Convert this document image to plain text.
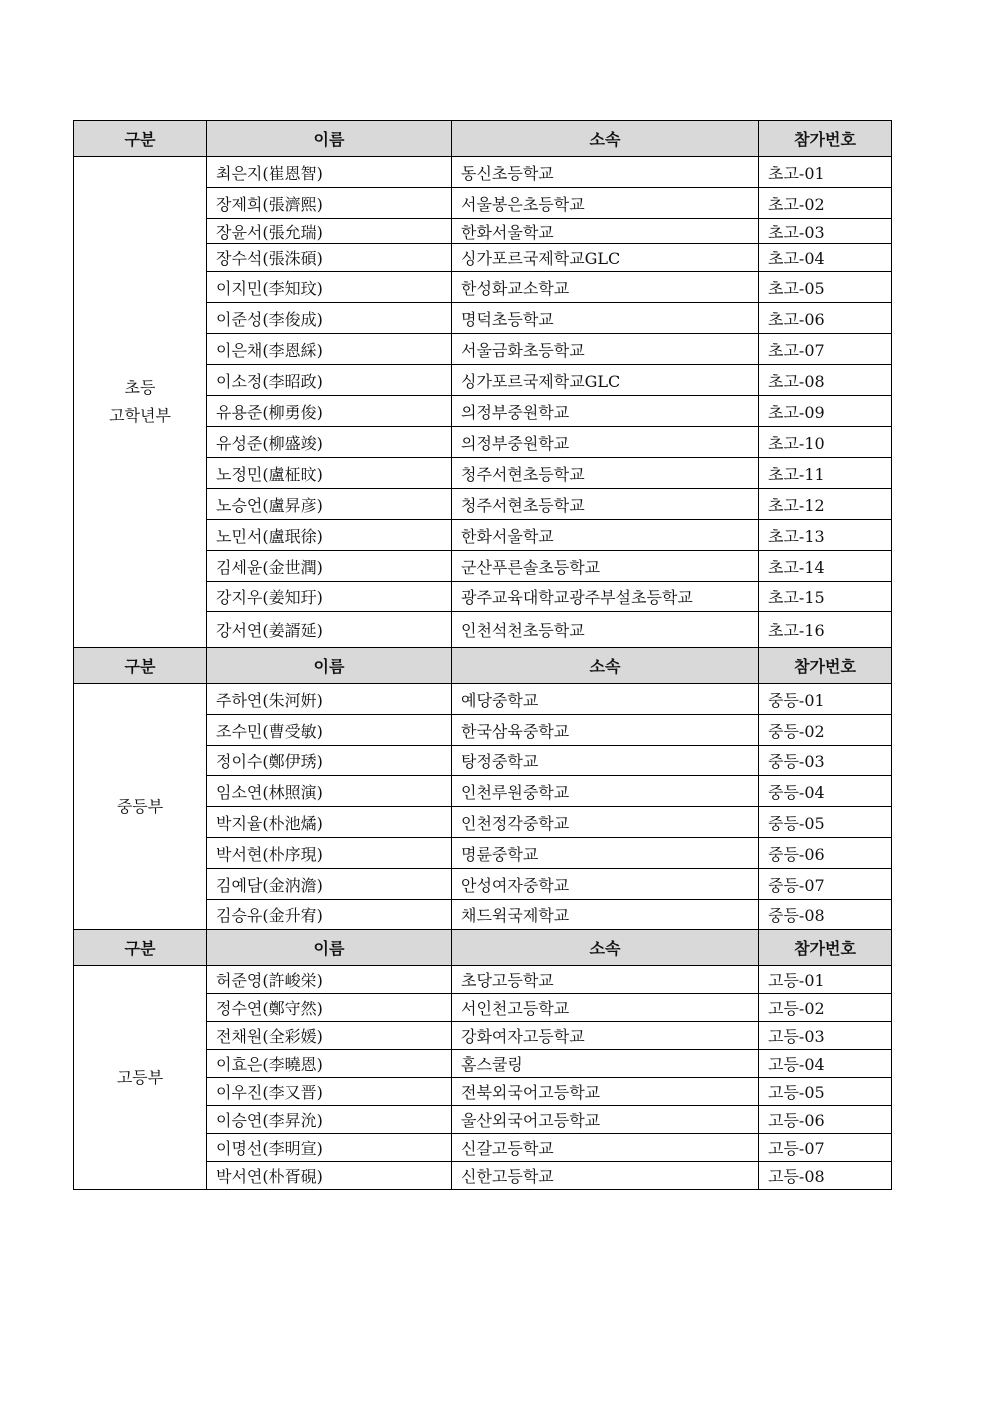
구분	이름	소속	참가번호

초등
고학년부	최은지(崔恩智)	동신초등학교	초고-01
	장제희(張濟熙)	서울봉은초등학교	초고-02
	장윤서(張允瑞)	한화서울학교	초고-03
	장수석(張洙碩)	싱가포르국제학교GLC	초고-04
	이지민(李知玟)	한성화교소학교	초고-05
	이준성(李俊成)	명덕초등학교	초고-06
	이은채(李恩綵)	서울금화초등학교	초고-07
	이소정(李昭政)	싱가포르국제학교GLC	초고-08
	유용준(柳勇俊)	의정부중원학교	초고-09
	유성준(柳盛竣)	의정부중원학교	초고-10
	노정민(盧柾旼)	청주서현초등학교	초고-11
	노승언(盧昇彦)	청주서현초등학교	초고-12
	노민서(盧珉徐)	한화서울학교	초고-13
	김세윤(金世潤)	군산푸른솔초등학교	초고-14
	강지우(姜知玗)	광주교육대학교광주부설초등학교	초고-15
	강서연(姜諝延)	인천석천초등학교	초고-16
구분	이름	소속	참가번호

중등부	주하연(朱河姸)	예당중학교	중등-01
	조수민(曹受敏)	한국삼육중학교	중등-02
	정이수(鄭伊琇)	탕정중학교	중등-03
	임소연(林照演)	인천루원중학교	중등-04
	박지율(朴池燏)	인천정각중학교	중등-05
	박서현(朴序現)	명륜중학교	중등-06
	김예담(金汭澹)	안성여자중학교	중등-07
	김승유(金升宥)	채드윅국제학교	중등-08
구분	이름	소속	참가번호

고등부	허준영(許峻栄)	초당고등학교	고등-01
	정수연(鄭守然)	서인천고등학교	고등-02
	전채원(全彩媛)	강화여자고등학교	고등-03
	이효은(李曉恩)	홈스쿨링	고등-04
	이우진(李又晋)	전북외국어고등학교	고등-05
	이승연(李昇沇)	울산외국어고등학교	고등-06
	이명선(李明宣)	신갈고등학교	고등-07
	박서연(朴胥硯)	신한고등학교	고등-08
